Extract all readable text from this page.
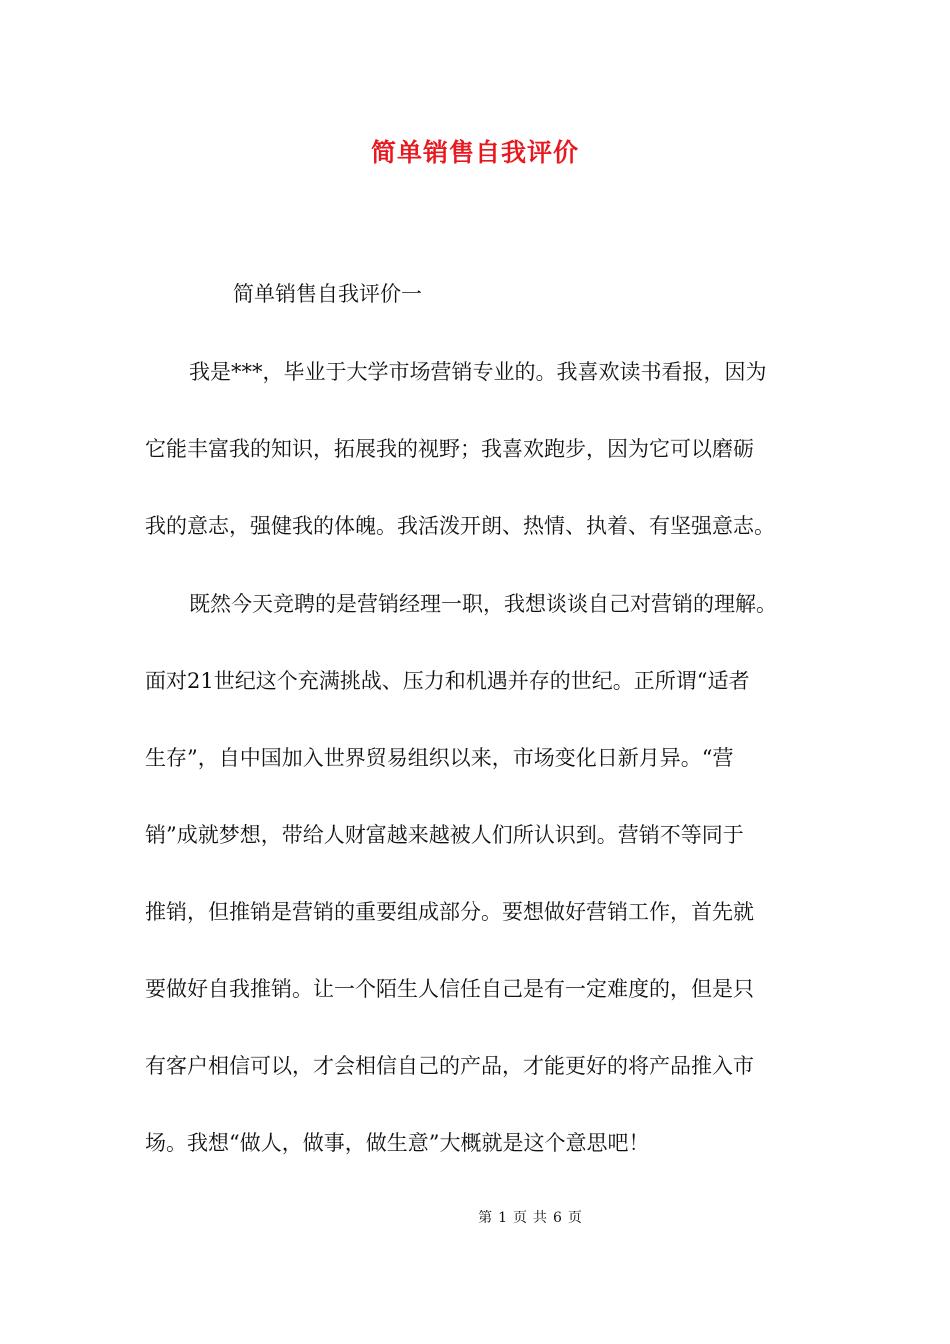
简单销售自我评价
简单销售自我评价一
我是***，毕业于大学市场营销专业的。我喜欢读书看报，因为
它能丰富我的知识，拓展我的视野；我喜欢跑步，因为它可以磨砺
我的意志，强健我的体魄。我活泼开朗、热情、执着、有坚强意志。
既然今天竞聘的是营销经理一职，我想谈谈自己对营销的理解。
面对21世纪这个充满挑战、压力和机遇并存的世纪。正所谓“适者
生存”，自中国加入世界贸易组织以来，市场变化日新月异。“营
销”成就梦想，带给人财富越来越被人们所认识到。营销不等同于
推销，但推销是营销的重要组成部分。要想做好营销工作，首先就
要做好自我推销。让一个陌生人信任自己是有一定难度的，但是只
有客户相信可以，才会相信自己的产品，才能更好的将产品推入市
场。我想“做人，做事，做生意”大概就是这个意思吧！
第 1 页 共 6 页
